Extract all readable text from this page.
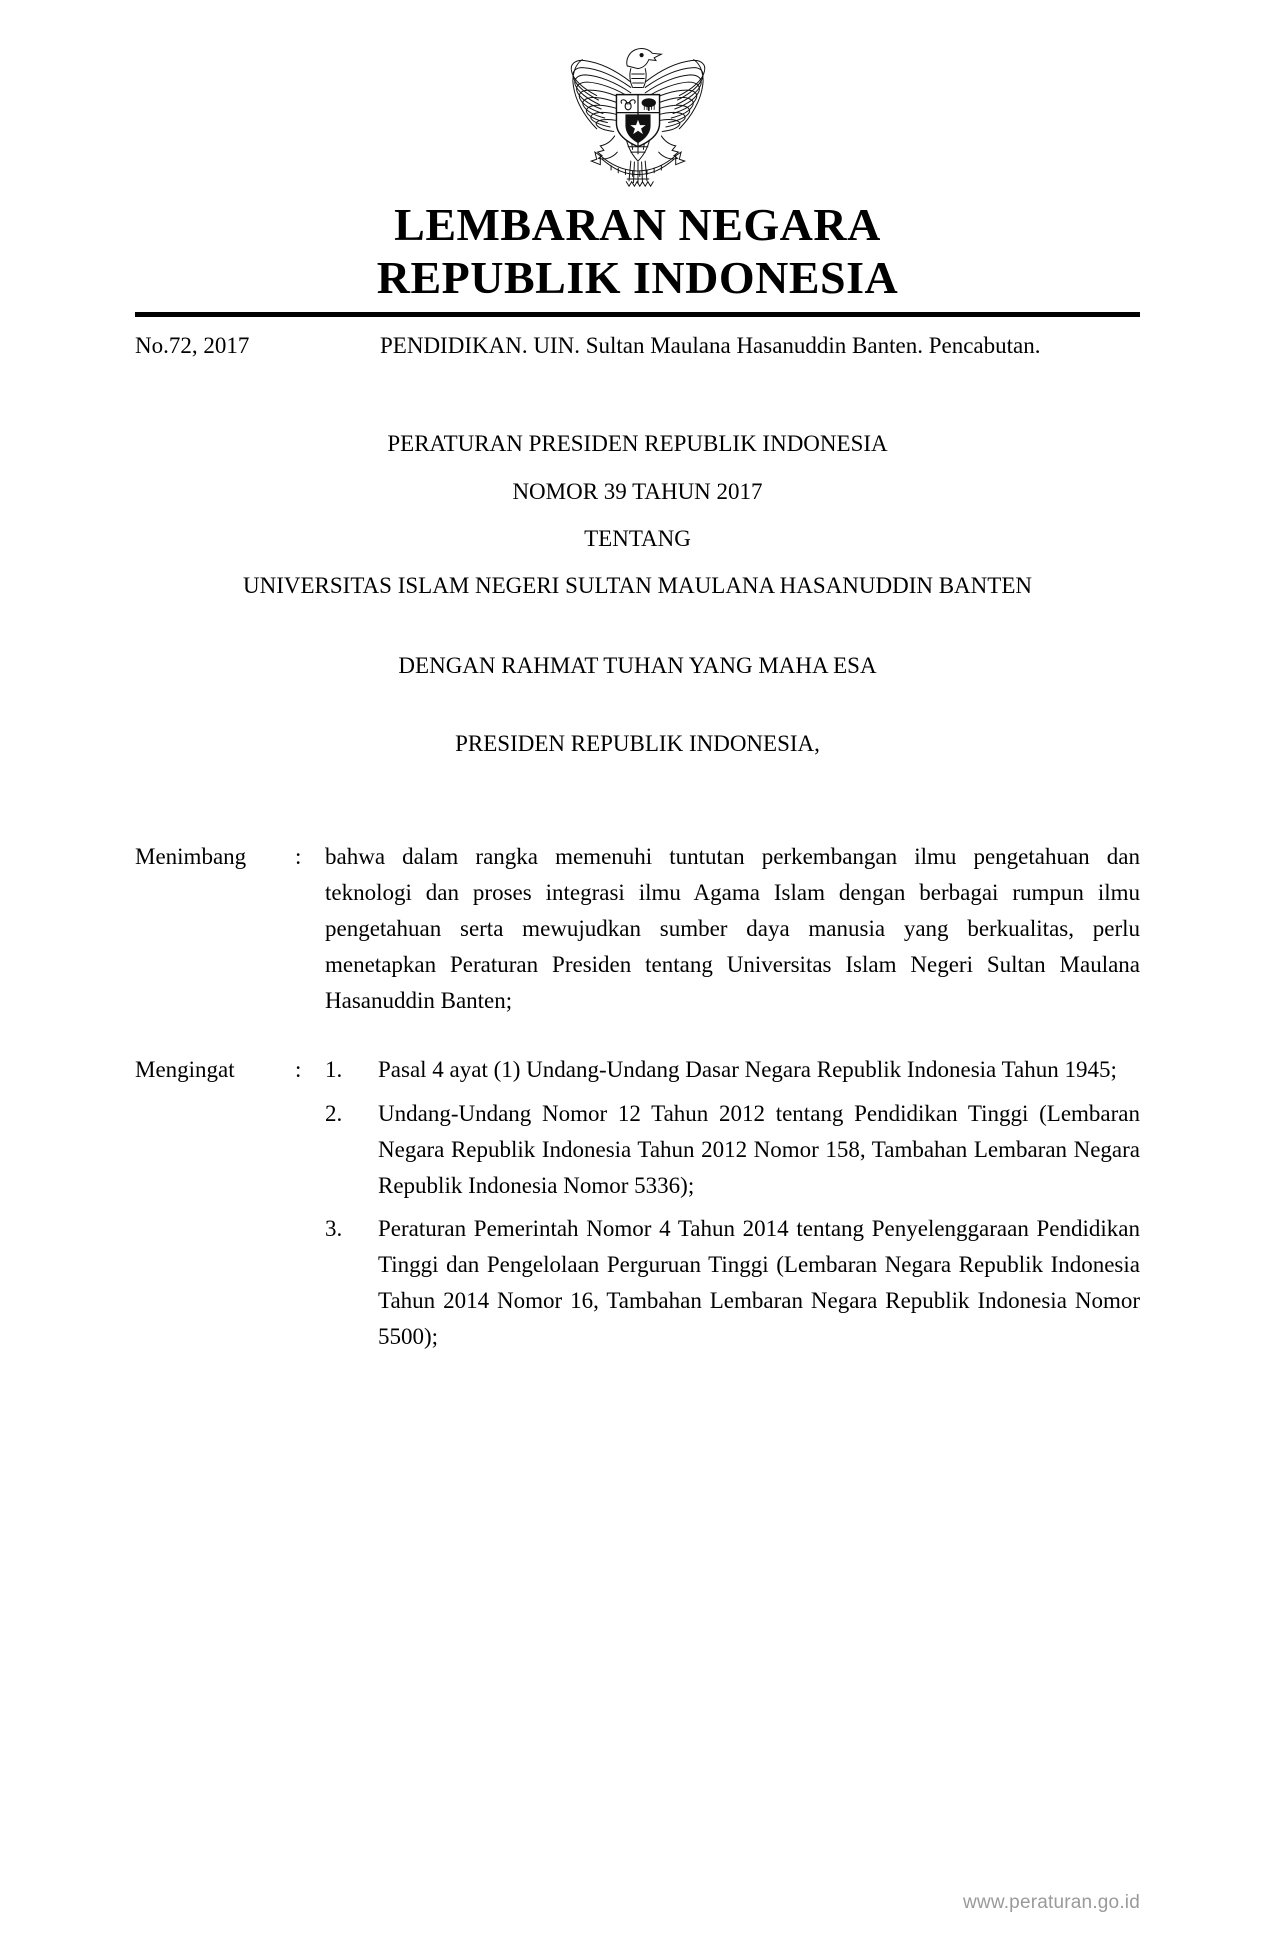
LEMBARAN NEGARA
REPUBLIK INDONESIA
No.72, 2017	PENDIDIKAN. UIN. Sultan Maulana Hasanuddin Banten. Pencabutan.
PERATURAN PRESIDEN REPUBLIK INDONESIA
NOMOR 39 TAHUN 2017
TENTANG
UNIVERSITAS ISLAM NEGERI SULTAN MAULANA HASANUDDIN BANTEN
DENGAN RAHMAT TUHAN YANG MAHA ESA
PRESIDEN REPUBLIK INDONESIA,
Menimbang	:	bahwa dalam rangka memenuhi tuntutan perkembangan ilmu pengetahuan dan teknologi dan proses integrasi ilmu Agama Islam dengan berbagai rumpun ilmu pengetahuan serta mewujudkan sumber daya manusia yang berkualitas, perlu menetapkan Peraturan Presiden tentang Universitas Islam Negeri Sultan Maulana Hasanuddin Banten;
Mengingat	:	1.	Pasal 4 ayat (1) Undang-Undang Dasar Negara Republik Indonesia Tahun 1945;
2.	Undang-Undang Nomor 12 Tahun 2012 tentang Pendidikan Tinggi (Lembaran Negara Republik Indonesia Tahun 2012 Nomor 158, Tambahan Lembaran Negara Republik Indonesia Nomor 5336);
3.	Peraturan Pemerintah Nomor 4 Tahun 2014 tentang Penyelenggaraan Pendidikan Tinggi dan Pengelolaan Perguruan Tinggi (Lembaran Negara Republik Indonesia Tahun 2014 Nomor 16, Tambahan Lembaran Negara Republik Indonesia Nomor 5500);
www.peraturan.go.id
